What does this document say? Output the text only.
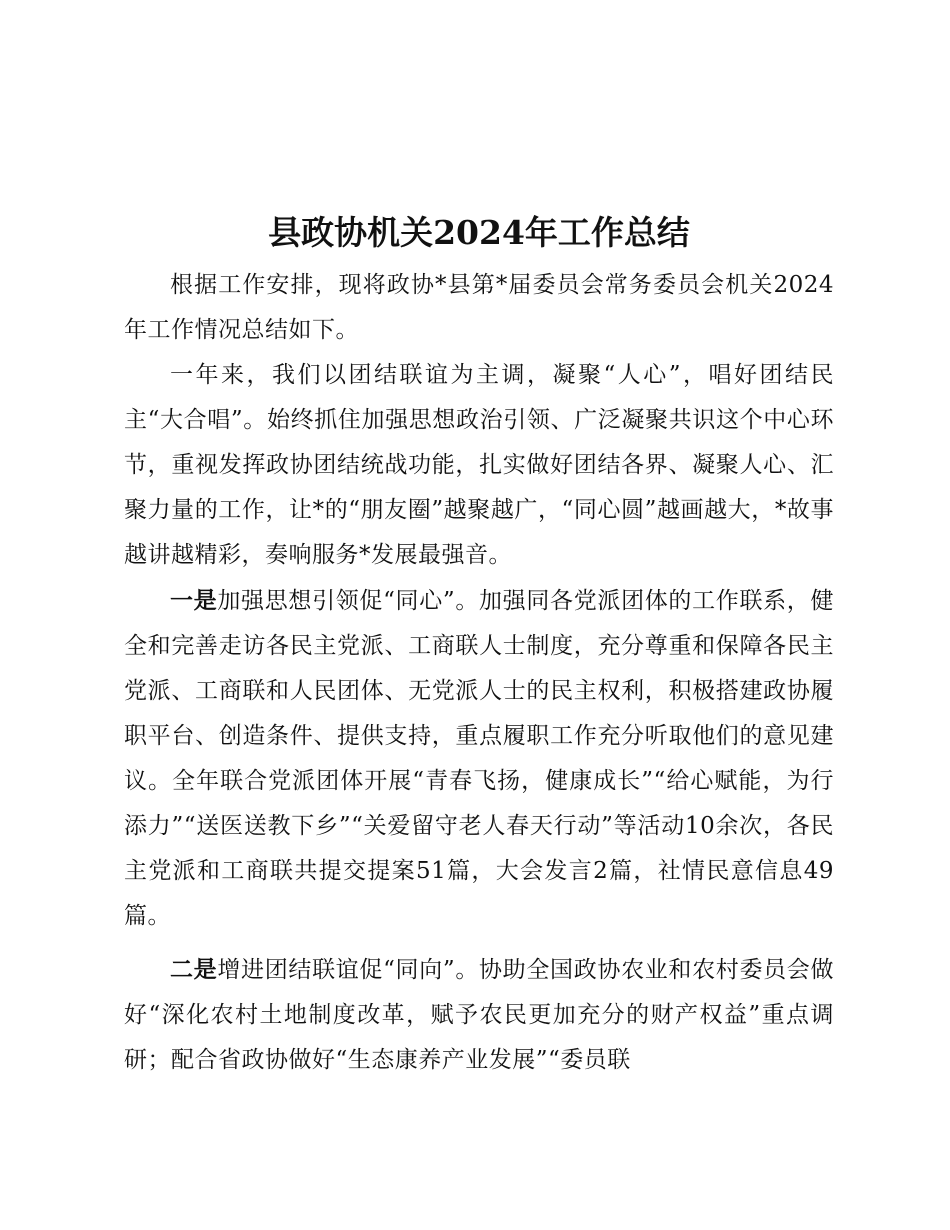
县政协机关2024年工作总结

根据工作安排，现将政协*县第*届委员会常务委员会机关2024年工作情况总结如下。

一年来，我们以团结联谊为主调，凝聚“人心”，唱好团结民主“大合唱”。始终抓住加强思想政治引领、广泛凝聚共识这个中心环节，重视发挥政协团结统战功能，扎实做好团结各界、凝聚人心、汇聚力量的工作，让*的“朋友圈”越聚越广，“同心圆”越画越大，*故事越讲越精彩，奏响服务*发展最强音。

一是加强思想引领促“同心”。加强同各党派团体的工作联系，健全和完善走访各民主党派、工商联人士制度，充分尊重和保障各民主党派、工商联和人民团体、无党派人士的民主权利，积极搭建政协履职平台、创造条件、提供支持，重点履职工作充分听取他们的意见建议。全年联合党派团体开展“青春飞扬，健康成长”“给心赋能，为行添力”“送医送教下乡”“关爱留守老人春天行动”等活动10余次，各民主党派和工商联共提交提案51篇，大会发言2篇，社情民意信息49篇。

二是增进团结联谊促“同向”。协助全国政协农业和农村委员会做好“深化农村土地制度改革，赋予农民更加充分的财产权益”重点调研；配合省政协做好“生态康养产业发展”“委员联
